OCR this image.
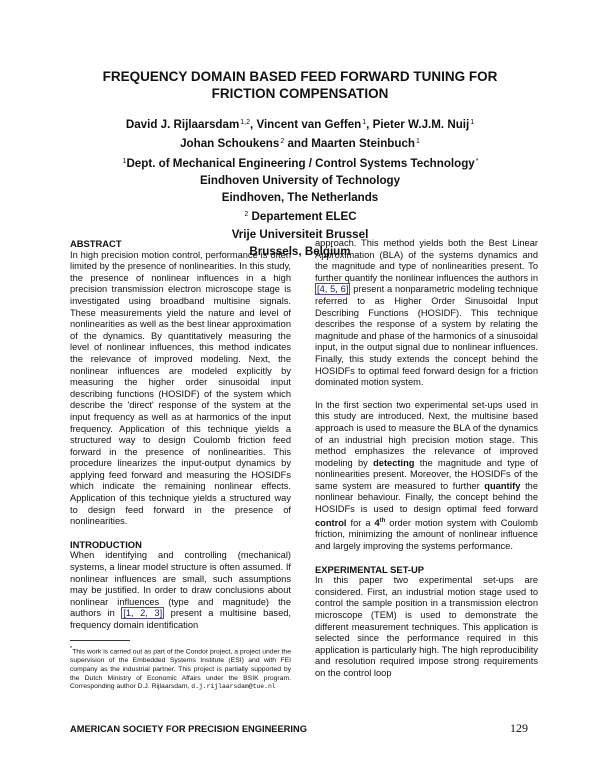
FREQUENCY DOMAIN BASED FEED FORWARD TUNING FOR
FRICTION COMPENSATION
David J. Rijlaarsdam$^{1,2}$, Vincent van Geffen$^1$, Pieter W.J.M. Nuij$^1$
Johan Schoukens$^2$ and Maarten Steinbuch$^1$
$^1$Dept. of Mechanical Engineering / Control Systems Technology*
Eindhoven University of Technology
Eindhoven, The Netherlands
$^2$ Departement ELEC
Vrije Universiteit Brussel
Brussels, Belgium
ABSTRACT

In high precision motion control, performance is often limited by the presence of nonlinearities. In this study, the presence of nonlinear influences in a high precision transmission electron microscope stage is investigated using broadband multisine signals. These measurements yield the nature and level of nonlinearities as well as the best linear approximation of the dynamics. By quantitatively measuring the level of nonlinear influences, this method indicates the relevance of improved modeling. Next, the nonlinear influences are modeled explicitly by measuring the higher order sinusoidal input describing functions (HOSIDF) of the system which describe the 'direct' response of the system at the input frequency as well as at harmonics of the input frequency. Application of this technique yields a structured way to design Coulomb friction feed forward in the presence of nonlinearities. This procedure linearizes the input-output dynamics by applying feed forward and measuring the HOSIDFs which indicate the remaining nonlinear effects. Application of this technique yields a structured way to design feed forward in the presence of nonlinearities.

INTRODUCTION

When identifying and controlling (mechanical) systems, a linear model structure is often assumed. If nonlinear influences are small, such assumptions may be justified. In order to draw conclusions about nonlinear influences (type and magnitude) the authors in [1, 2, 3] present a multisine based, frequency domain identification

approach. This method yields both the Best Linear Approximation (BLA) of the systems dynamics and the magnitude and type of nonlinearities present. To further quantify the nonlinear influences the authors in [4, 5, 6] present a nonparametric modeling technique referred to as Higher Order Sinusoidal Input Describing Functions (HOSIDF). This technique describes the response of a system by relating the magnitude and phase of the harmonics of a sinusoidal input, in the output signal due to nonlinear influences. Finally, this study extends the concept behind the HOSIDFs to optimal feed forward design for a friction dominated motion system.

In the first section two experimental set-ups used in this study are introduced. Next, the multisine based approach is used to measure the BLA of the dynamics of an industrial high precision motion stage. This method emphasizes the relevance of improved modeling by detecting the magnitude and type of nonlinearities present. Moreover, the HOSIDFs of the same system are measured to further quantify the nonlinear behaviour. Finally, the concept behind the HOSIDFs is used to design optimal feed forward control for a 4th order motion system with Coulomb friction, minimizing the amount of nonlinear influence and largely improving the systems performance.

EXPERIMENTAL SET-UP

In this paper two experimental set-ups are considered. First, an industrial motion stage used to control the sample position in a transmission electron microscope (TEM) is used to demonstrate the different measurement techniques. This application is selected since the performance required in this application is particularly high. The high reproducibility and resolution required impose strong requirements on the control loop

*This work is carried out as part of the Condor project, a project under the supervision of the Embedded Systems Institute (ESI) and with FEI company as the industrial partner. This project is partially supported by the Dutch Ministry of Economic Affairs under the BSIK program. Corresponding author D.J. Rijlaarsdam, d.j.rijlaarsdam@tue.nl
AMERICAN SOCIETY FOR PRECISION ENGINEERING	129
